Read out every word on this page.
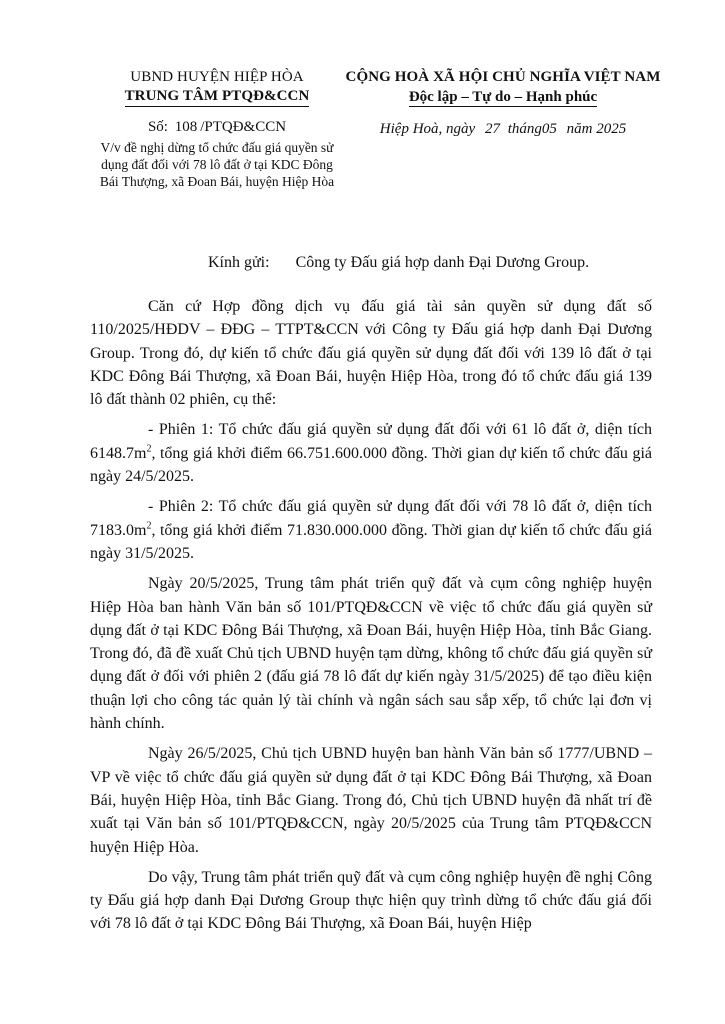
UBND HUYỆN HIỆP HÒA
TRUNG TÂM PTQĐ&CCN
CỘNG HOÀ XÃ HỘI CHỦ NGHĨA VIỆT NAM
Độc lập – Tự do – Hạnh phúc
Số: 108 /PTQĐ&CCN	Hiệp Hoà, ngày 27 tháng05 năm 2025
V/v đề nghị dừng tổ chức đấu giá quyền sử dụng đất đối với 78 lô đất ở tại KDC Đông Bái Thượng, xã Đoan Bái, huyện Hiệp Hòa
Kính gửi: Công ty Đấu giá hợp danh Đại Dương Group.

Căn cứ Hợp đồng dịch vụ đấu giá tài sản quyền sử dụng đất số 110/2025/HĐDV – ĐĐG – TTPT&CCN với Công ty Đấu giá hợp danh Đại Dương Group. Trong đó, dự kiến tổ chức đấu giá quyền sử dụng đất đối với 139 lô đất ở tại KDC Đông Bái Thượng, xã Đoan Bái, huyện Hiệp Hòa, trong đó tổ chức đấu giá 139 lô đất thành 02 phiên, cụ thể:

- Phiên 1: Tổ chức đấu giá quyền sử dụng đất đối với 61 lô đất ở, diện tích $6148.7m^2$, tổng giá khởi điểm 66.751.600.000 đồng. Thời gian dự kiến tổ chức đấu giá ngày 24/5/2025.

- Phiên 2: Tổ chức đấu giá quyền sử dụng đất đối với 78 lô đất ở, diện tích $7183.0m^2$, tổng giá khởi điểm 71.830.000.000 đồng. Thời gian dự kiến tổ chức đấu giá ngày 31/5/2025.

Ngày 20/5/2025, Trung tâm phát triển quỹ đất và cụm công nghiệp huyện Hiệp Hòa ban hành Văn bản số 101/PTQĐ&CCN về việc tổ chức đấu giá quyền sử dụng đất ở tại KDC Đông Bái Thượng, xã Đoan Bái, huyện Hiệp Hòa, tỉnh Bắc Giang. Trong đó, đã đề xuất Chủ tịch UBND huyện tạm dừng, không tổ chức đấu giá quyền sử dụng đất ở đối với phiên 2 (đấu giá 78 lô đất dự kiến ngày 31/5/2025) để tạo điều kiện thuận lợi cho công tác quản lý tài chính và ngân sách sau sắp xếp, tổ chức lại đơn vị hành chính.

Ngày 26/5/2025, Chủ tịch UBND huyện ban hành Văn bản số 1777/UBND – VP về việc tổ chức đấu giá quyền sử dụng đất ở tại KDC Đông Bái Thượng, xã Đoan Bái, huyện Hiệp Hòa, tỉnh Bắc Giang. Trong đó, Chủ tịch UBND huyện đã nhất trí đề xuất tại Văn bản số 101/PTQĐ&CCN, ngày 20/5/2025 của Trung tâm PTQĐ&CCN huyện Hiệp Hòa.

Do vậy, Trung tâm phát triển quỹ đất và cụm công nghiệp huyện đề nghị Công ty Đấu giá hợp danh Đại Dương Group thực hiện quy trình dừng tổ chức đấu giá đối với 78 lô đất ở tại KDC Đông Bái Thượng, xã Đoan Bái, huyện Hiệp
